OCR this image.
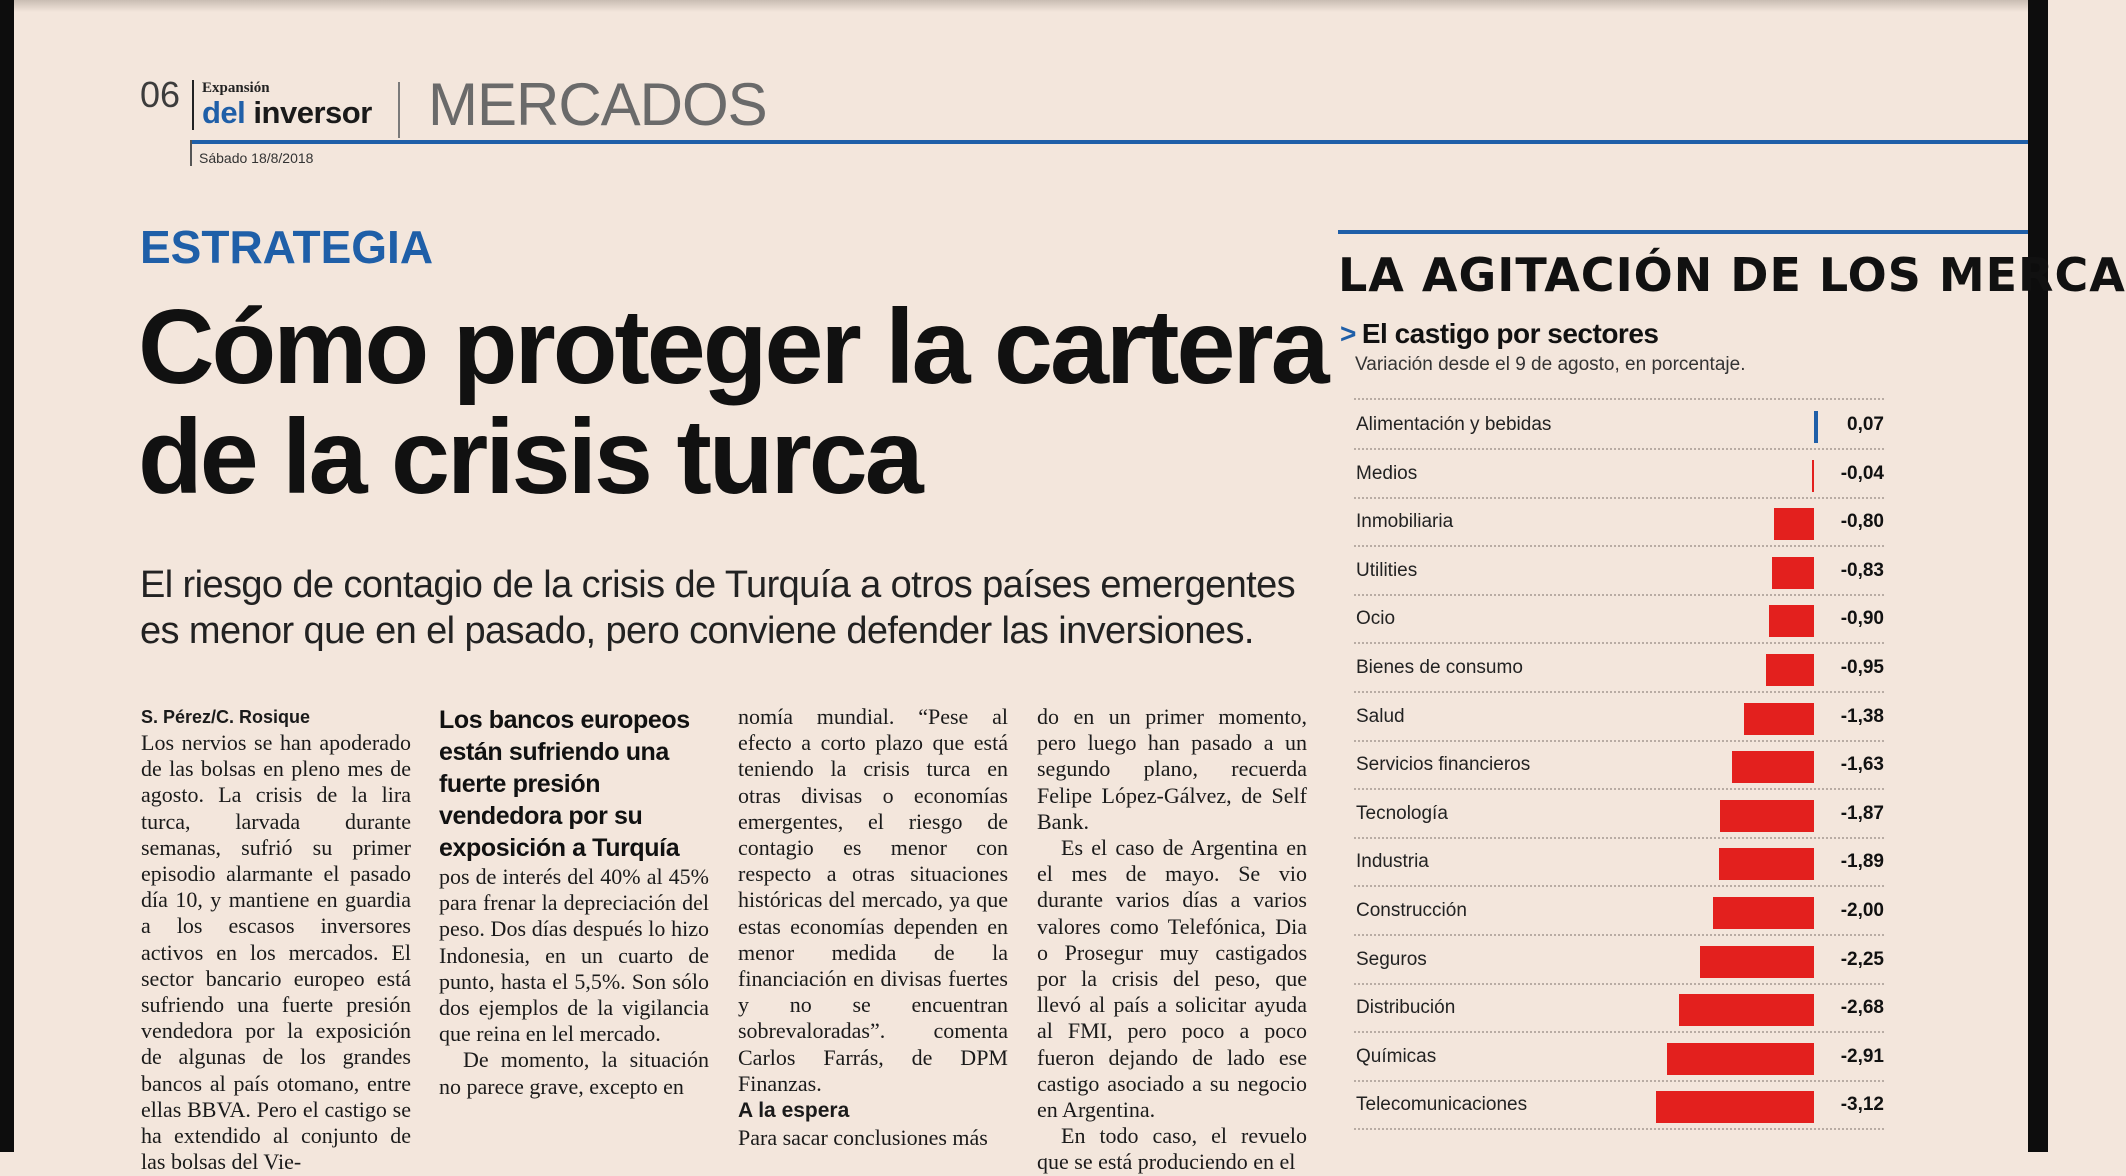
06 Expansión
del inversor MERCADOS
Sábado 18/8/2018
ESTRATEGIA
Cómo proteger la cartera de la crisis turca

El riesgo de contagio de la crisis de Turquía a otros países emergentes es menor que en el pasado, pero conviene defender las inversiones.

S. Pérez/C. Rosique

Los nervios se han apoderado de las bolsas en pleno mes de agosto. La crisis de la lira turca, larvada durante semanas, sufrió su primer episodio alarmante el pasado día 10, y mantiene en guardia a los escasos inversores activos en los mercados. El sector bancario europeo está sufriendo una fuerte presión vendedora por la exposición de algunas de los grandes bancos al país otomano, entre ellas BBVA. Pero el castigo se ha extendido al conjunto de las bolsas del Vie-

Los bancos europeos están sufriendo una fuerte presión vendedora por su exposición a Turquía

pos de interés del 40% al 45% para frenar la depreciación del peso. Dos días después lo hizo Indonesia, en un cuarto de punto, hasta el 5,5%. Son sólo dos ejemplos de la vigilancia que reina en lel mercado.

De momento, la situación no parece grave, excepto en

nomía mundial. “Pese al efecto a corto plazo que está teniendo la crisis turca en otras divisas o economías emergentes, el riesgo de contagio es menor con respecto a otras situaciones históricas del mercado, ya que estas economías dependen en menor medida de la financiación en divisas fuertes y no se encuentran sobrevaloradas”. comenta Carlos Farrás, de DPM Finanzas.

A la espera

Para sacar conclusiones más

do en un primer momento, pero luego han pasado a un segundo plano, recuerda Felipe López-Gálvez, de Self Bank.

Es el caso de Argentina en el mes de mayo. Se vio durante varios días a varios valores como Telefónica, Dia o Prosegur muy castigados por la crisis del peso, que llevó al país a solicitar ayuda al FMI, pero poco a poco fueron dejando de lado ese castigo asociado a su negocio en Argentina.

En todo caso, el revuelo que se está produciendo en el

LA AGITACIÓN DE LOS MERCA
> El castigo por sectores
Variación desde el 9 de agosto, en porcentaje.
Alimentación y bebidas	0,07
Medios	-0,04
Inmobiliaria	-0,80
Utilities	-0,83
Ocio	-0,90
Bienes de consumo	-0,95
Salud	-1,38
Servicios financieros	-1,63
Tecnología	-1,87
Industria	-1,89
Construcción	-2,00
Seguros	-2,25
Distribución	-2,68
Químicas	-2,91
Telecomunicaciones	-3,12
